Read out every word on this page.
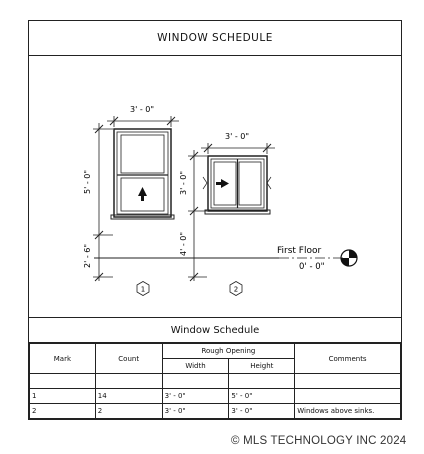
WINDOW SCHEDULE
3' - 0"
5' - 0"
2' - 6"
1
3' - 0"
3' - 0"
4' - 0"
2
First Floor
0' - 0"
Window Schedule
Mark	Count	Rough Opening		Comments
		Width	Height	

1	14	3' - 0"	5' - 0"	
2	2	3' - 0"	3' - 0"	Windows above sinks.
© MLS TECHNOLOGY INC 2024
